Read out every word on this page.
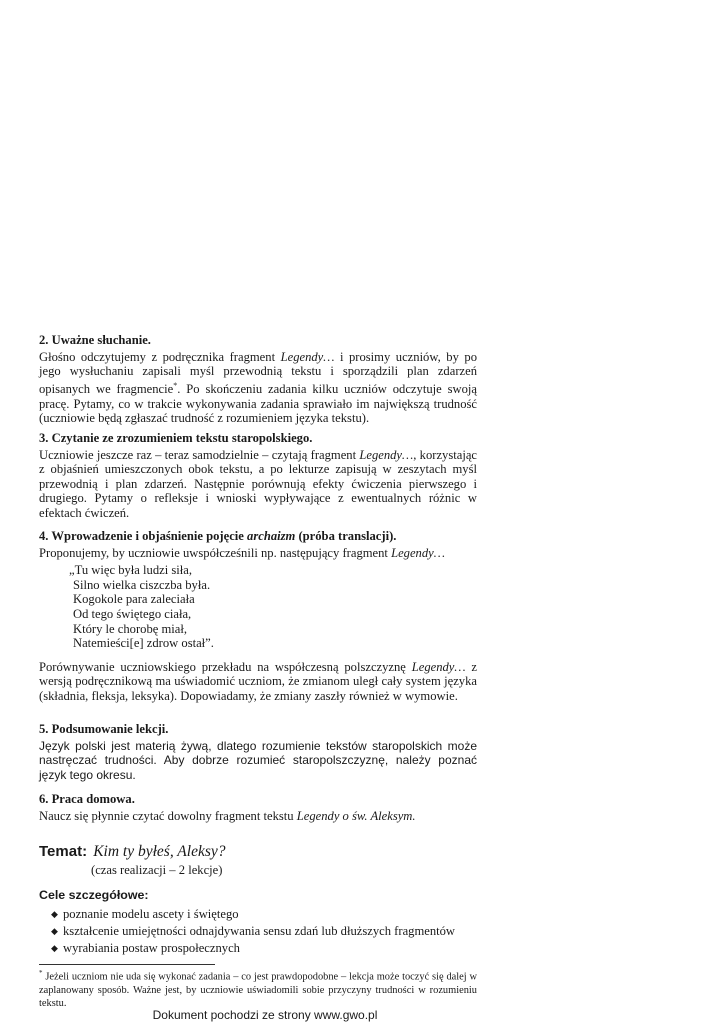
2. Uważne słuchanie.
Głośno odczytujemy z podręcznika fragment Legendy… i prosimy uczniów, by po jego wysłuchaniu zapisali myśl przewodnią tekstu i sporządzili plan zdarzeń opisanych we fragmencie*. Po skończeniu zadania kilku uczniów odczytuje swoją pracę. Pytamy, co w trakcie wykonywania zadania sprawiało im największą trudność (uczniowie będą zgłaszać trudność z rozumieniem języka tekstu).
3. Czytanie ze zrozumieniem tekstu staropolskiego.
Uczniowie jeszcze raz – teraz samodzielnie – czytają fragment Legendy…, korzystając z objaśnień umieszczonych obok tekstu, a po lekturze zapisują w zeszytach myśl przewodnią i plan zdarzeń. Następnie porównują efekty ćwiczenia pierwszego i drugiego. Pytamy o refleksje i wnioski wypływające z ewentualnych różnic w efektach ćwiczeń.
4. Wprowadzenie i objaśnienie pojęcie archaizm (próba translacji).
Proponujemy, by uczniowie uwspółcześnili np. następujący fragment Legendy…
„Tu więc była ludzi siła,
Silno wielka ciszczba była.
Kogokole para zaleciała
Od tego świętego ciała,
Który le chorobę miał,
Natemieści[e] zdrow ostał”.
Porównywanie uczniowskiego przekładu na współczesną polszczyznę Legendy… z wersją podręcznikową ma uświadomić uczniom, że zmianom uległ cały system języka (składnia, fleksja, leksyka). Dopowiadamy, że zmiany zaszły również w wymowie.
5. Podsumowanie lekcji.
Język polski jest materią żywą, dlatego rozumienie tekstów staropolskich może nastręczać trudności. Aby dobrze rozumieć staropolszczyznę, należy poznać język tego okresu.
6. Praca domowa.
Naucz się płynnie czytać dowolny fragment tekstu Legendy o św. Aleksym.
Temat: Kim ty byłeś, Aleksy?
(czas realizacji – 2 lekcje)
Cele szczegółowe:
◆ poznanie modelu ascety i świętego
◆ kształcenie umiejętności odnajdywania sensu zdań lub dłuższych fragmentów
◆ wyrabiania postaw prospołecznych
* Jeżeli uczniom nie uda się wykonać zadania – co jest prawdopodobne – lekcja może toczyć się dalej w zaplanowany sposób. Ważne jest, by uczniowie uświadomili sobie przyczyny trudności w rozumieniu tekstu.
Dokument pochodzi ze strony www.gwo.pl
